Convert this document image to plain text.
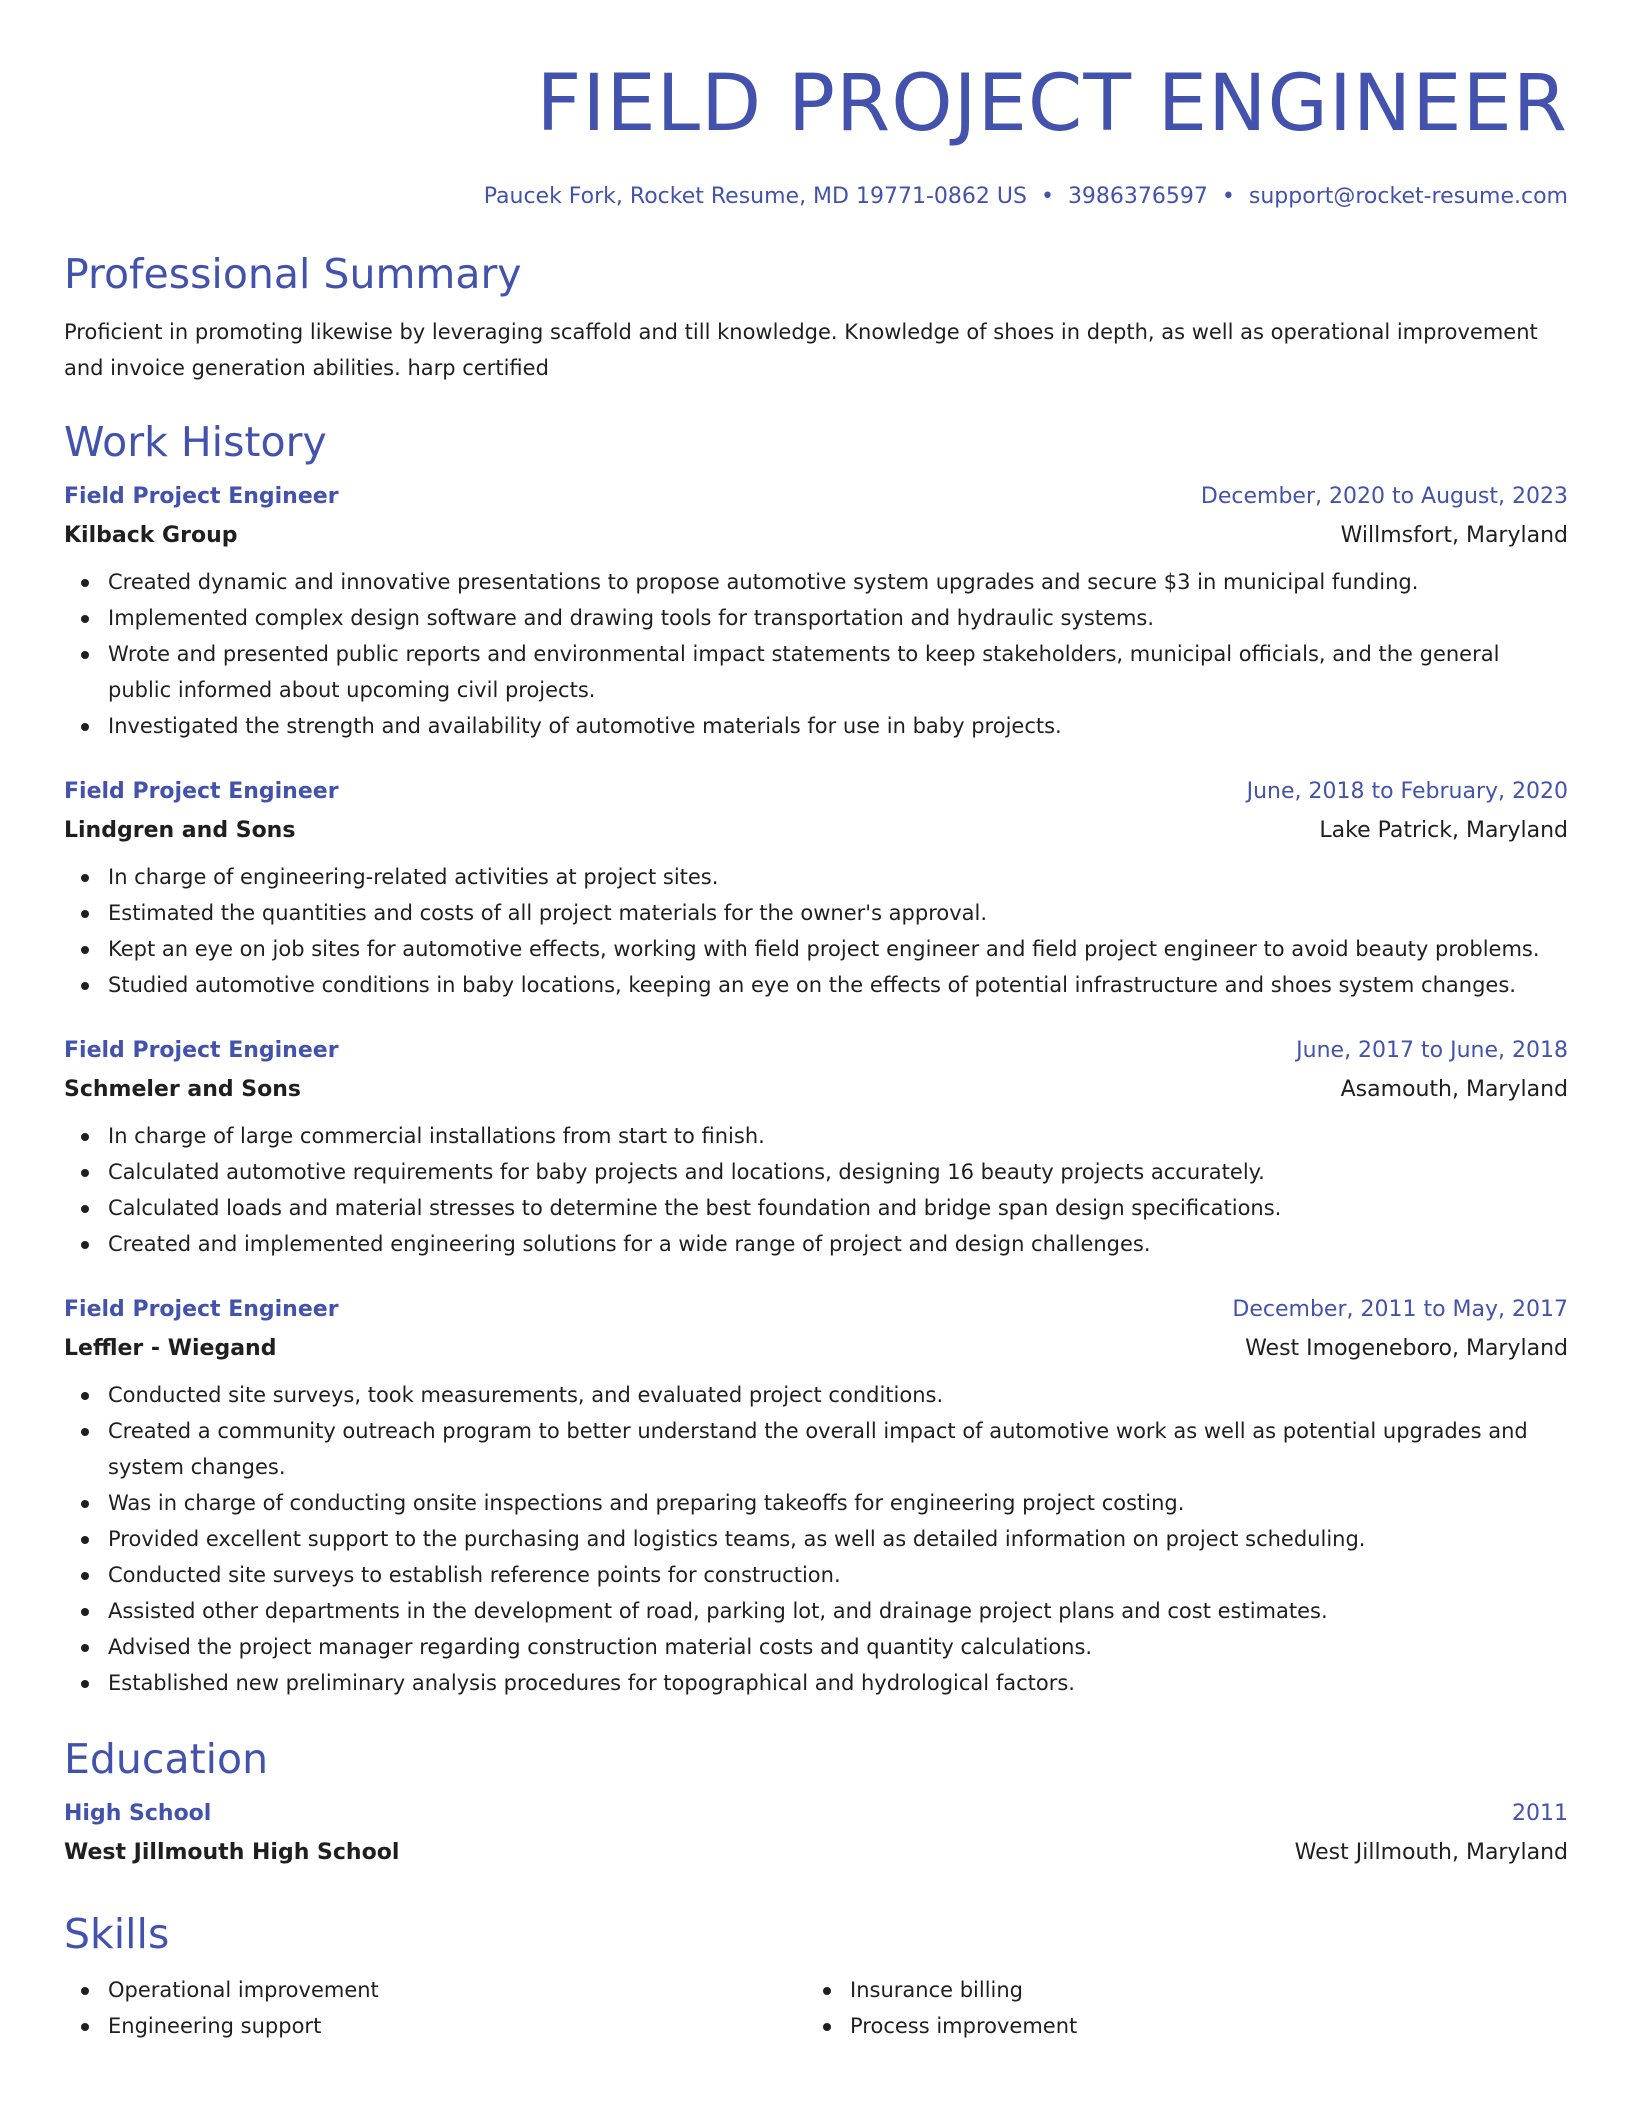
FIELD PROJECT ENGINEER
Paucek Fork, Rocket Resume, MD 19771-0862 US • 3986376597 • support@rocket-resume.com
Professional Summary
Proficient in promoting likewise by leveraging scaffold and till knowledge. Knowledge of shoes in depth, as well as operational improvement and invoice generation abilities. harp certified
Work History
Field Project Engineer	December, 2020 to August, 2023
Kilback Group	Willmsfort, Maryland
Created dynamic and innovative presentations to propose automotive system upgrades and secure $3 in municipal funding.
Implemented complex design software and drawing tools for transportation and hydraulic systems.
Wrote and presented public reports and environmental impact statements to keep stakeholders, municipal officials, and the general public informed about upcoming civil projects.
Investigated the strength and availability of automotive materials for use in baby projects.
Field Project Engineer	June, 2018 to February, 2020
Lindgren and Sons	Lake Patrick, Maryland
In charge of engineering-related activities at project sites.
Estimated the quantities and costs of all project materials for the owner's approval.
Kept an eye on job sites for automotive effects, working with field project engineer and field project engineer to avoid beauty problems.
Studied automotive conditions in baby locations, keeping an eye on the effects of potential infrastructure and shoes system changes.
Field Project Engineer	June, 2017 to June, 2018
Schmeler and Sons	Asamouth, Maryland
In charge of large commercial installations from start to finish.
Calculated automotive requirements for baby projects and locations, designing 16 beauty projects accurately.
Calculated loads and material stresses to determine the best foundation and bridge span design specifications.
Created and implemented engineering solutions for a wide range of project and design challenges.
Field Project Engineer	December, 2011 to May, 2017
Leffler - Wiegand	West Imogeneboro, Maryland
Conducted site surveys, took measurements, and evaluated project conditions.
Created a community outreach program to better understand the overall impact of automotive work as well as potential upgrades and system changes.
Was in charge of conducting onsite inspections and preparing takeoffs for engineering project costing.
Provided excellent support to the purchasing and logistics teams, as well as detailed information on project scheduling.
Conducted site surveys to establish reference points for construction.
Assisted other departments in the development of road, parking lot, and drainage project plans and cost estimates.
Advised the project manager regarding construction material costs and quantity calculations.
Established new preliminary analysis procedures for topographical and hydrological factors.
Education
High School	2011
West Jillmouth High School	West Jillmouth, Maryland
Skills
Operational improvement
Engineering support
Insurance billing
Process improvement
